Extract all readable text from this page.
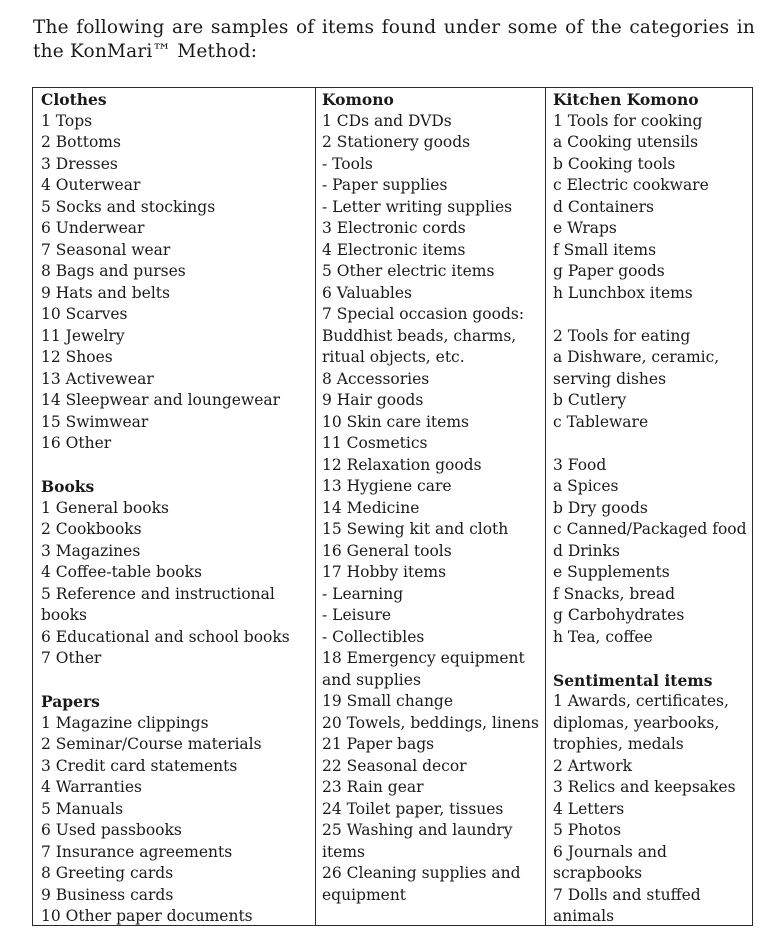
The following are samples of items found under some of the categories in the KonMari™ Method:
Clothes
1 Tops
2 Bottoms
3 Dresses
4 Outerwear
5 Socks and stockings
6 Underwear
7 Seasonal wear
8 Bags and purses
9 Hats and belts
10 Scarves
11 Jewelry
12 Shoes
13 Activewear
14 Sleepwear and loungewear
15 Swimwear
16 Other
Books
1 General books
2 Cookbooks
3 Magazines
4 Coffee-table books
5 Reference and instructional
books
6 Educational and school books
7 Other
Papers
1 Magazine clippings
2 Seminar/Course materials
3 Credit card statements
4 Warranties
5 Manuals
6 Used passbooks
7 Insurance agreements
8 Greeting cards
9 Business cards
10 Other paper documents
Komono
1 CDs and DVDs
2 Stationery goods
- Tools
- Paper supplies
- Letter writing supplies
3 Electronic cords
4 Electronic items
5 Other electric items
6 Valuables
7 Special occasion goods:
Buddhist beads, charms,
ritual objects, etc.
8 Accessories
9 Hair goods
10 Skin care items
11 Cosmetics
12 Relaxation goods
13 Hygiene care
14 Medicine
15 Sewing kit and cloth
16 General tools
17 Hobby items
- Learning
- Leisure
- Collectibles
18 Emergency equipment
and supplies
19 Small change
20 Towels, beddings, linens
21 Paper bags
22 Seasonal decor
23 Rain gear
24 Toilet paper, tissues
25 Washing and laundry
items
26 Cleaning supplies and
equipment
Kitchen Komono
1 Tools for cooking
a Cooking utensils
b Cooking tools
c Electric cookware
d Containers
e Wraps
f Small items
g Paper goods
h Lunchbox items
2 Tools for eating
a Dishware, ceramic,
serving dishes
b Cutlery
c Tableware
3 Food
a Spices
b Dry goods
c Canned/Packaged food
d Drinks
e Supplements
f Snacks, bread
g Carbohydrates
h Tea, coffee
Sentimental items
1 Awards, certificates,
diplomas, yearbooks,
trophies, medals
2 Artwork
3 Relics and keepsakes
4 Letters
5 Photos
6 Journals and
scrapbooks
7 Dolls and stuffed
animals
